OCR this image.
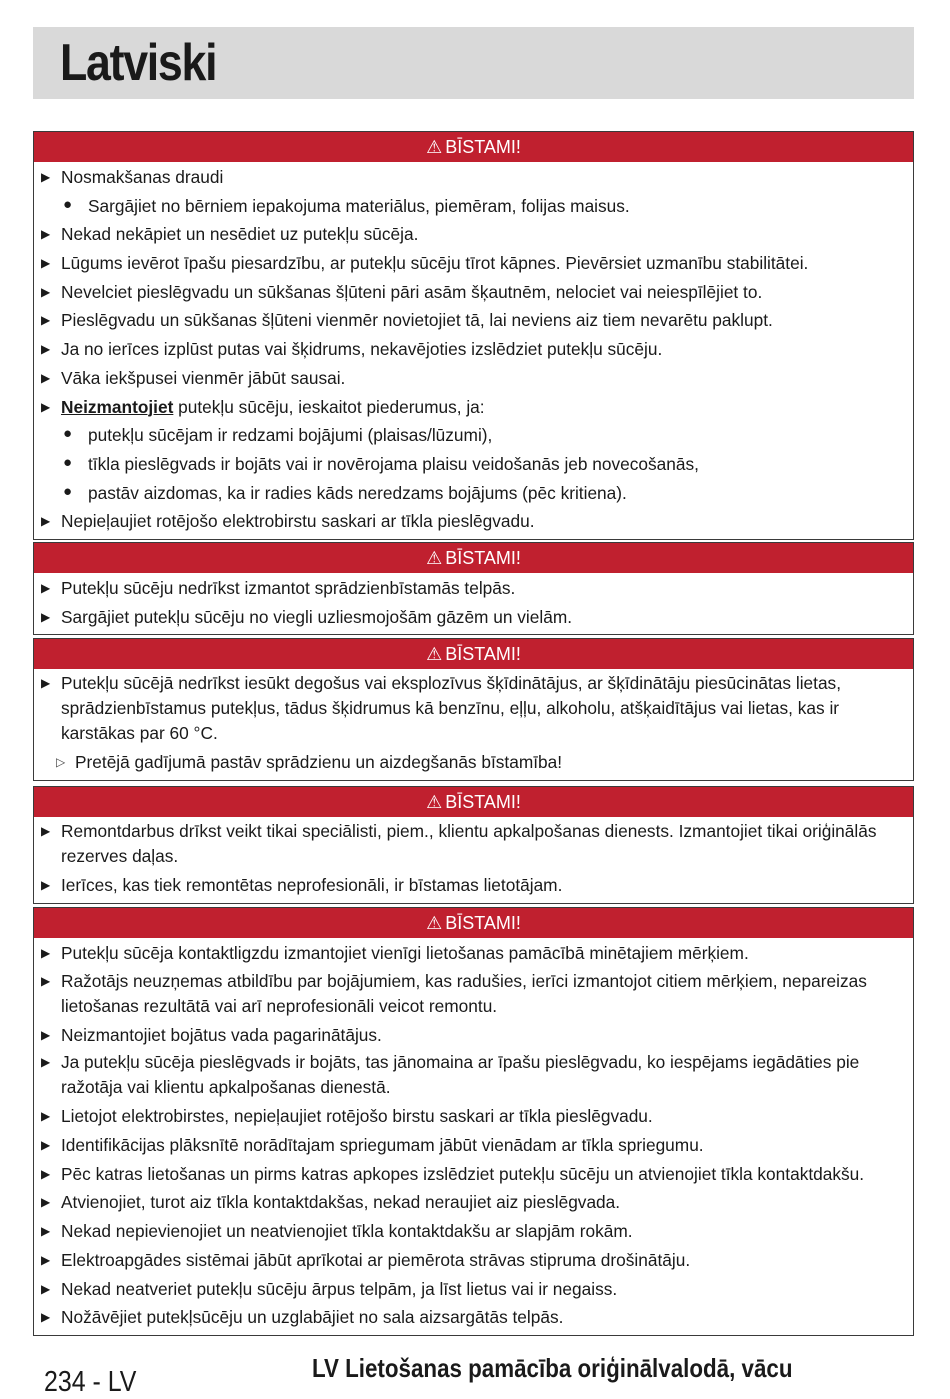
Latviski
⚠ BĪSTAMI!
▶ Nosmakšanas draudi
● Sargājiet no bērniem iepakojuma materiālus, piemēram, folijas maisus.
▶ Nekad nekāpiet un nesēdiet uz putekļu sūcēja.
▶ Lūgums ievērot īpašu piesardzību, ar putekļu sūcēju tīrot kāpnes. Pievērsiet uzmanību stabilitātei.
▶ Nevelciet pieslēgvadu un sūkšanas šļūteni pāri asām šķautnēm, nelociet vai neiespīlējiet to.
▶ Pieslēgvadu un sūkšanas šļūteni vienmēr novietojiet tā, lai neviens aiz tiem nevarētu paklupt.
▶ Ja no ierīces izplūst putas vai šķidrums, nekavējoties izslēdziet putekļu sūcēju.
▶ Vāka iekšpusei vienmēr jābūt sausai.
▶ Neizmantojiet putekļu sūcēju, ieskaitot piederumus, ja:
● putekļu sūcējam ir redzami bojājumi (plaisas/lūzumi),
● tīkla pieslēgvads ir bojāts vai ir novērojama plaisu veidošanās jeb novecošanās,
● pastāv aizdomas, ka ir radies kāds neredzams bojājums (pēc kritiena).
▶ Nepieļaujiet rotējošo elektrobirstu saskari ar tīkla pieslēgvadu.
⚠ BĪSTAMI!
▶ Putekļu sūcēju nedrīkst izmantot sprādzienbīstamās telpās.
▶ Sargājiet putekļu sūcēju no viegli uzliesmojošām gāzēm un vielām.
⚠ BĪSTAMI!
▶ Putekļu sūcējā nedrīkst iesūkt degošus vai eksplozīvus šķīdinātājus, ar šķīdinātāju piesūcinātas lietas, sprādzienbīstamus putekļus, tādus šķidrumus kā benzīnu, eļļu, alkoholu, atšķaidītājus vai lietas, kas ir karstākas par 60 °C.
▷ Pretējā gadījumā pastāv sprādzienu un aizdegšanās bīstamība!
⚠ BĪSTAMI!
▶ Remontdarbus drīkst veikt tikai speciālisti, piem., klientu apkalpošanas dienests. Izmantojiet tikai oriģinālās rezerves daļas.
▶ Ierīces, kas tiek remontētas neprofesionāli, ir bīstamas lietotājam.
⚠ BĪSTAMI!
▶ Putekļu sūcēja kontaktligzdu izmantojiet vienīgi lietošanas pamācībā minētajiem mērķiem.
▶ Ražotājs neuzņemas atbildību par bojājumiem, kas radušies, ierīci izmantojot citiem mērķiem, nepareizas lietošanas rezultātā vai arī neprofesionāli veicot remontu.
▶ Neizmantojiet bojātus vada pagarinātājus.
▶ Ja putekļu sūcēja pieslēgvads ir bojāts, tas jānomaina ar īpašu pieslēgvadu, ko iespējams iegādāties pie ražotāja vai klientu apkalpošanas dienestā.
▶ Lietojot elektrobirstes, nepieļaujiet rotējošo birstu saskari ar tīkla pieslēgvadu.
▶ Identifikācijas plāksnītē norādītajam spriegumam jābūt vienādam ar tīkla spriegumu.
▶ Pēc katras lietošanas un pirms katras apkopes izslēdziet putekļu sūcēju un atvienojiet tīkla kontaktdakšu.
▶ Atvienojiet, turot aiz tīkla kontaktdakšas, nekad nerauj​iet aiz pieslēgvada.
▶ Nekad nepievienojiet un neatvienojiet tīkla kontaktdakšu ar slapjām rokām.
▶ Elektroapgādes sistēmai jābūt aprīkotai ar piemērota strāvas stipruma drošinātāju.
▶ Nekad neatveriet putekļu sūcēju ārpus telpām, ja līst lietus vai ir negaiss.
▶ Nožāvējiet putekļsūcēju un uzglabājiet no sala aizsargātās telpās.
234 - LV	LV Lietošanas pamācība oriģinālvalodā, vācu
